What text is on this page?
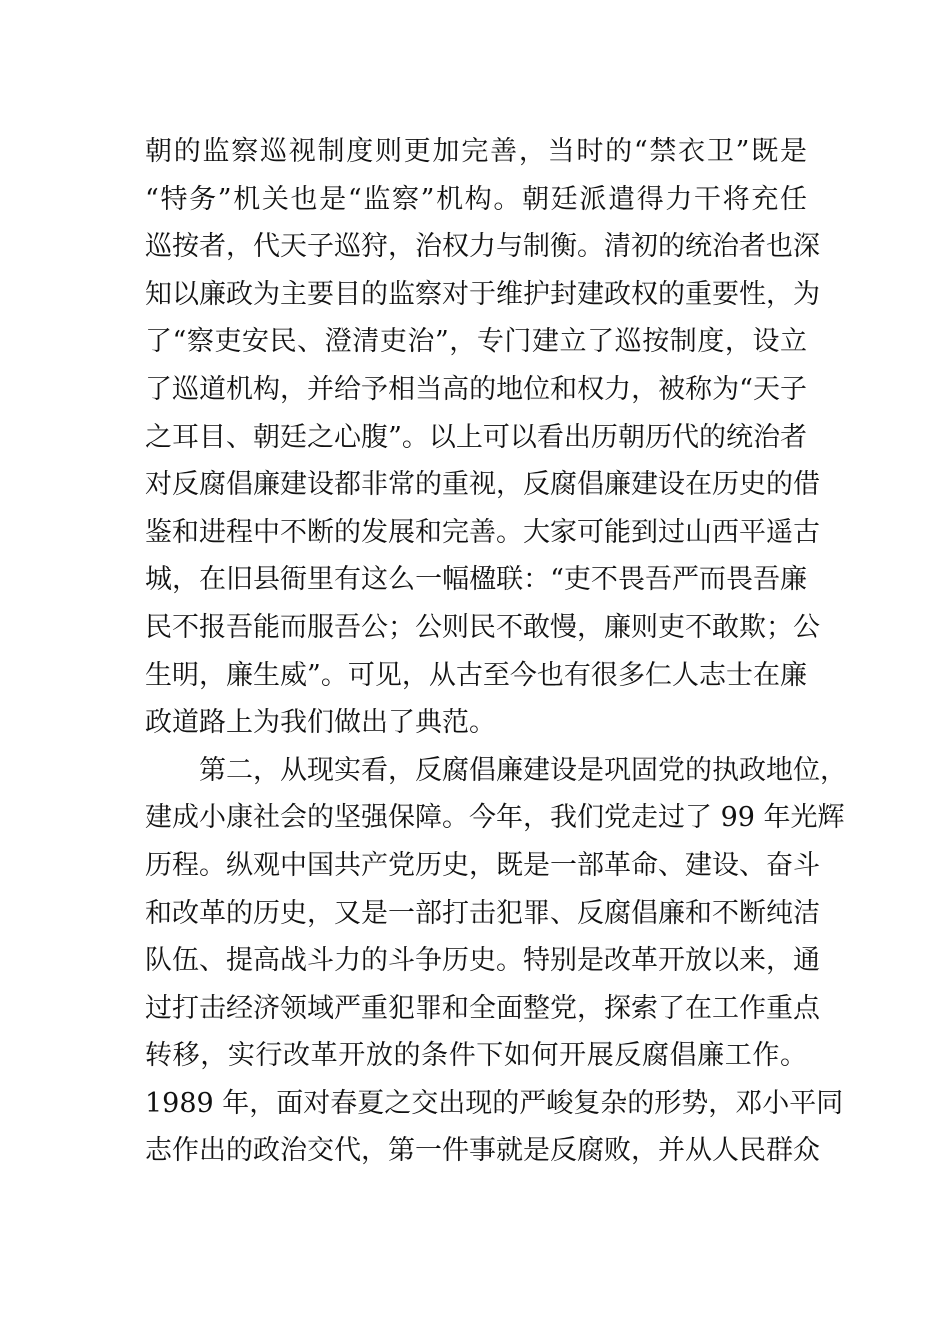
朝的监察巡视制度则更加完善，当时的“禁衣卫”既是
“特务”机关也是“监察”机构。朝廷派遣得力干将充任
巡按者，代天子巡狩，治权力与制衡。清初的统治者也深
知以廉政为主要目的监察对于维护封建政权的重要性，为
了“察吏安民、澄清吏治”，专门建立了巡按制度，设立
了巡道机构，并给予相当高的地位和权力，被称为“天子
之耳目、朝廷之心腹”。以上可以看出历朝历代的统治者
对反腐倡廉建设都非常的重视，反腐倡廉建设在历史的借
鉴和进程中不断的发展和完善。大家可能到过山西平遥古
城，在旧县衙里有这么一幅楹联：“吏不畏吾严而畏吾廉
民不报吾能而服吾公；公则民不敢慢，廉则吏不敢欺；公
生明，廉生威”。可见，从古至今也有很多仁人志士在廉
政道路上为我们做出了典范。
第二，从现实看，反腐倡廉建设是巩固党的执政地位，
建成小康社会的坚强保障。今年，我们党走过了 99 年光辉
历程。纵观中国共产党历史，既是一部革命、建设、奋斗
和改革的历史，又是一部打击犯罪、反腐倡廉和不断纯洁
队伍、提高战斗力的斗争历史。特别是改革开放以来，通
过打击经济领域严重犯罪和全面整党，探索了在工作重点
转移，实行改革开放的条件下如何开展反腐倡廉工作。
1989 年，面对春夏之交出现的严峻复杂的形势，邓小平同
志作出的政治交代，第一件事就是反腐败，并从人民群众
